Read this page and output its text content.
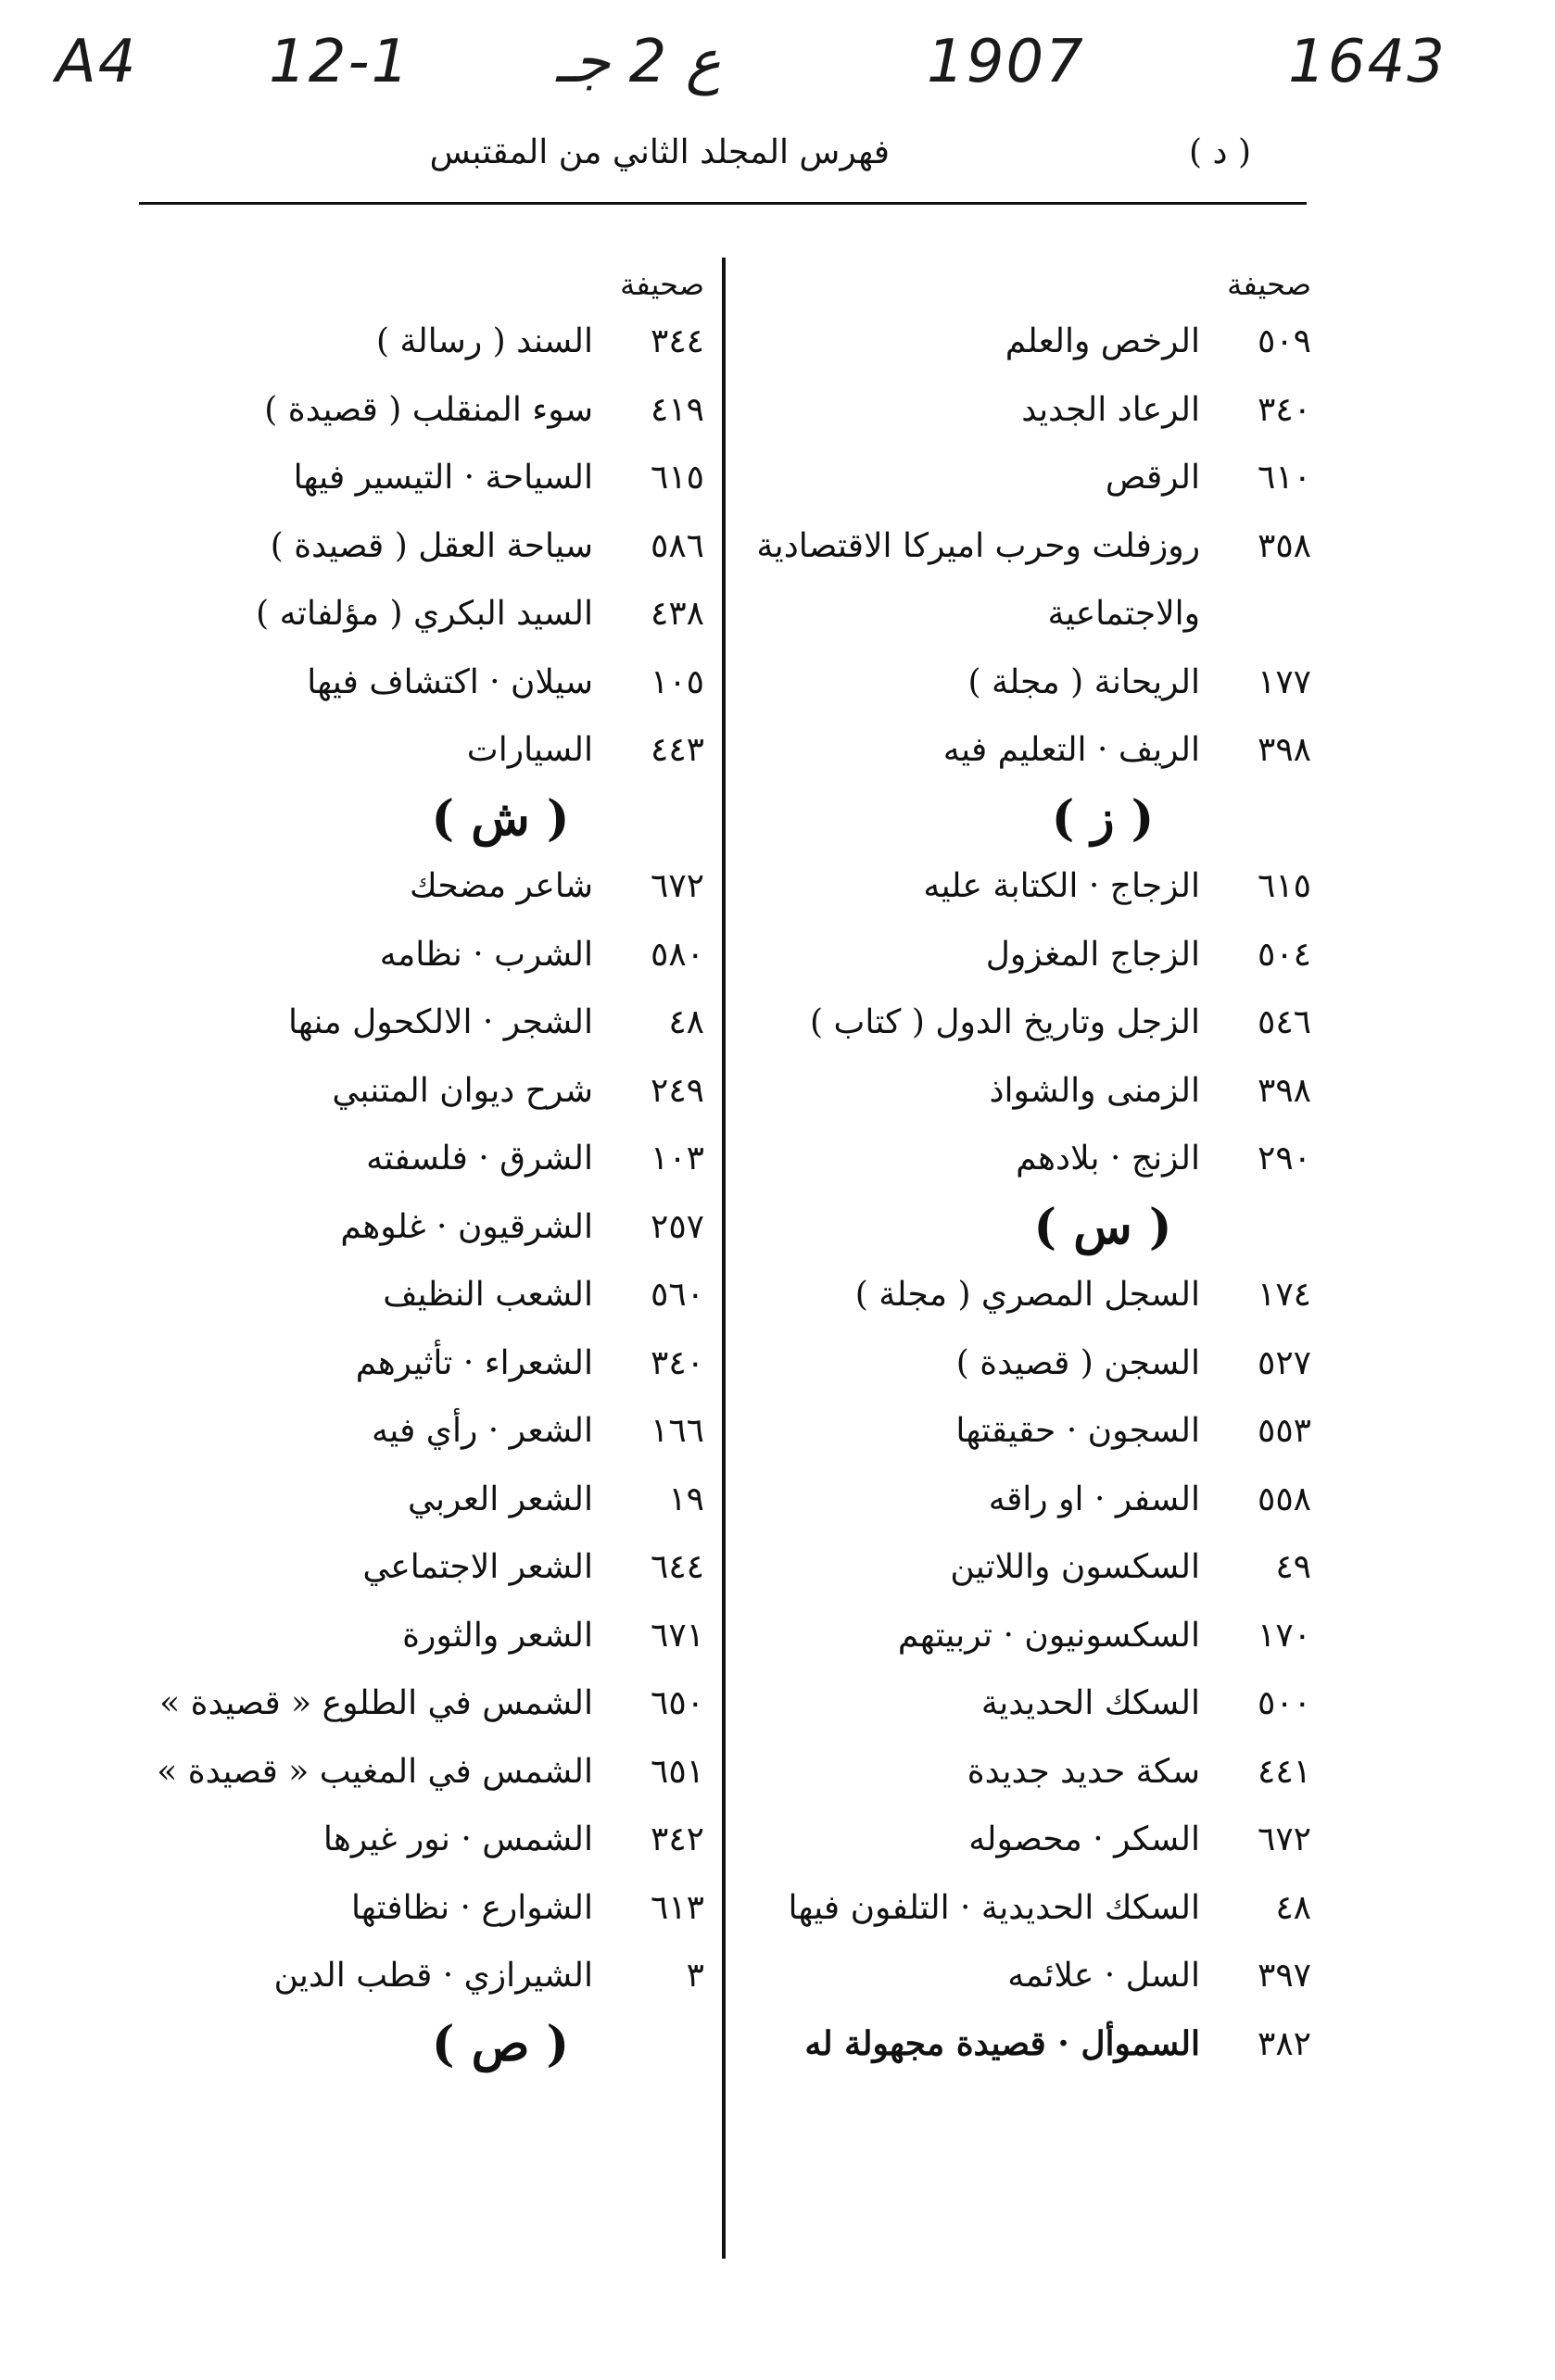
A4 12-1 ع 2 جـ	1907	1643
( د )
فهرس المجلد الثاني من المقتبس
صحيفة
٥٠٩
الرخص والعلم
٣٤٠
الرعاد الجديد
٦١٠
الرقص
٣٥٨
روزفلت وحرب اميركا الاقتصادية
والاجتماعية
١٧٧
الريحانة ( مجلة )
٣٩٨
الريف · التعليم فيه
( ز )
٦١٥
الزجاج · الكتابة عليه
٥٠٤
الزجاج المغزول
٥٤٦
الزجل وتاريخ الدول ( كتاب )
٣٩٨
الزمنى والشواذ
٢٩٠
الزنج · بلادهم
( س )
١٧٤
السجل المصري ( مجلة )
٥٢٧
السجن ( قصيدة )
٥٥٣
السجون · حقيقتها
٥٥٨
السفر · او راقه
٤٩
السكسون واللاتين
١٧٠
السكسونيون · تربيتهم
٥٠٠
السكك الحديدية
٤٤١
سكة حديد جديدة
٦٧٢
السكر · محصوله
٤٨
السكك الحديدية · التلفون فيها
٣٩٧
السل · علائمه
٣٨٢
السموأل · قصيدة مجهولة له
صحيفة
٣٤٤
السند ( رسالة )
٤١٩
سوء المنقلب ( قصيدة )
٦١٥
السياحة · التيسير فيها
٥٨٦
سياحة العقل ( قصيدة )
٤٣٨
السيد البكري ( مؤلفاته )
١٠٥
سيلان · اكتشاف فيها
٤٤٣
السيارات
( ش )
٦٧٢
شاعر مضحك
٥٨٠
الشرب · نظامه
٤٨
الشجر · الالكحول منها
٢٤٩
شرح ديوان المتنبي
١٠٣
الشرق · فلسفته
٢٥٧
الشرقيون · غلوهم
٥٦٠
الشعب النظيف
٣٤٠
الشعراء · تأثيرهم
١٦٦
الشعر · رأي فيه
١٩
الشعر العربي
٦٤٤
الشعر الاجتماعي
٦٧١
الشعر والثورة
٦٥٠
الشمس في الطلوع « قصيدة »
٦٥١
الشمس في المغيب « قصيدة »
٣٤٢
الشمس · نور غيرها
٦١٣
الشوارع · نظافتها
٣
الشيرازي · قطب الدين
( ص )
